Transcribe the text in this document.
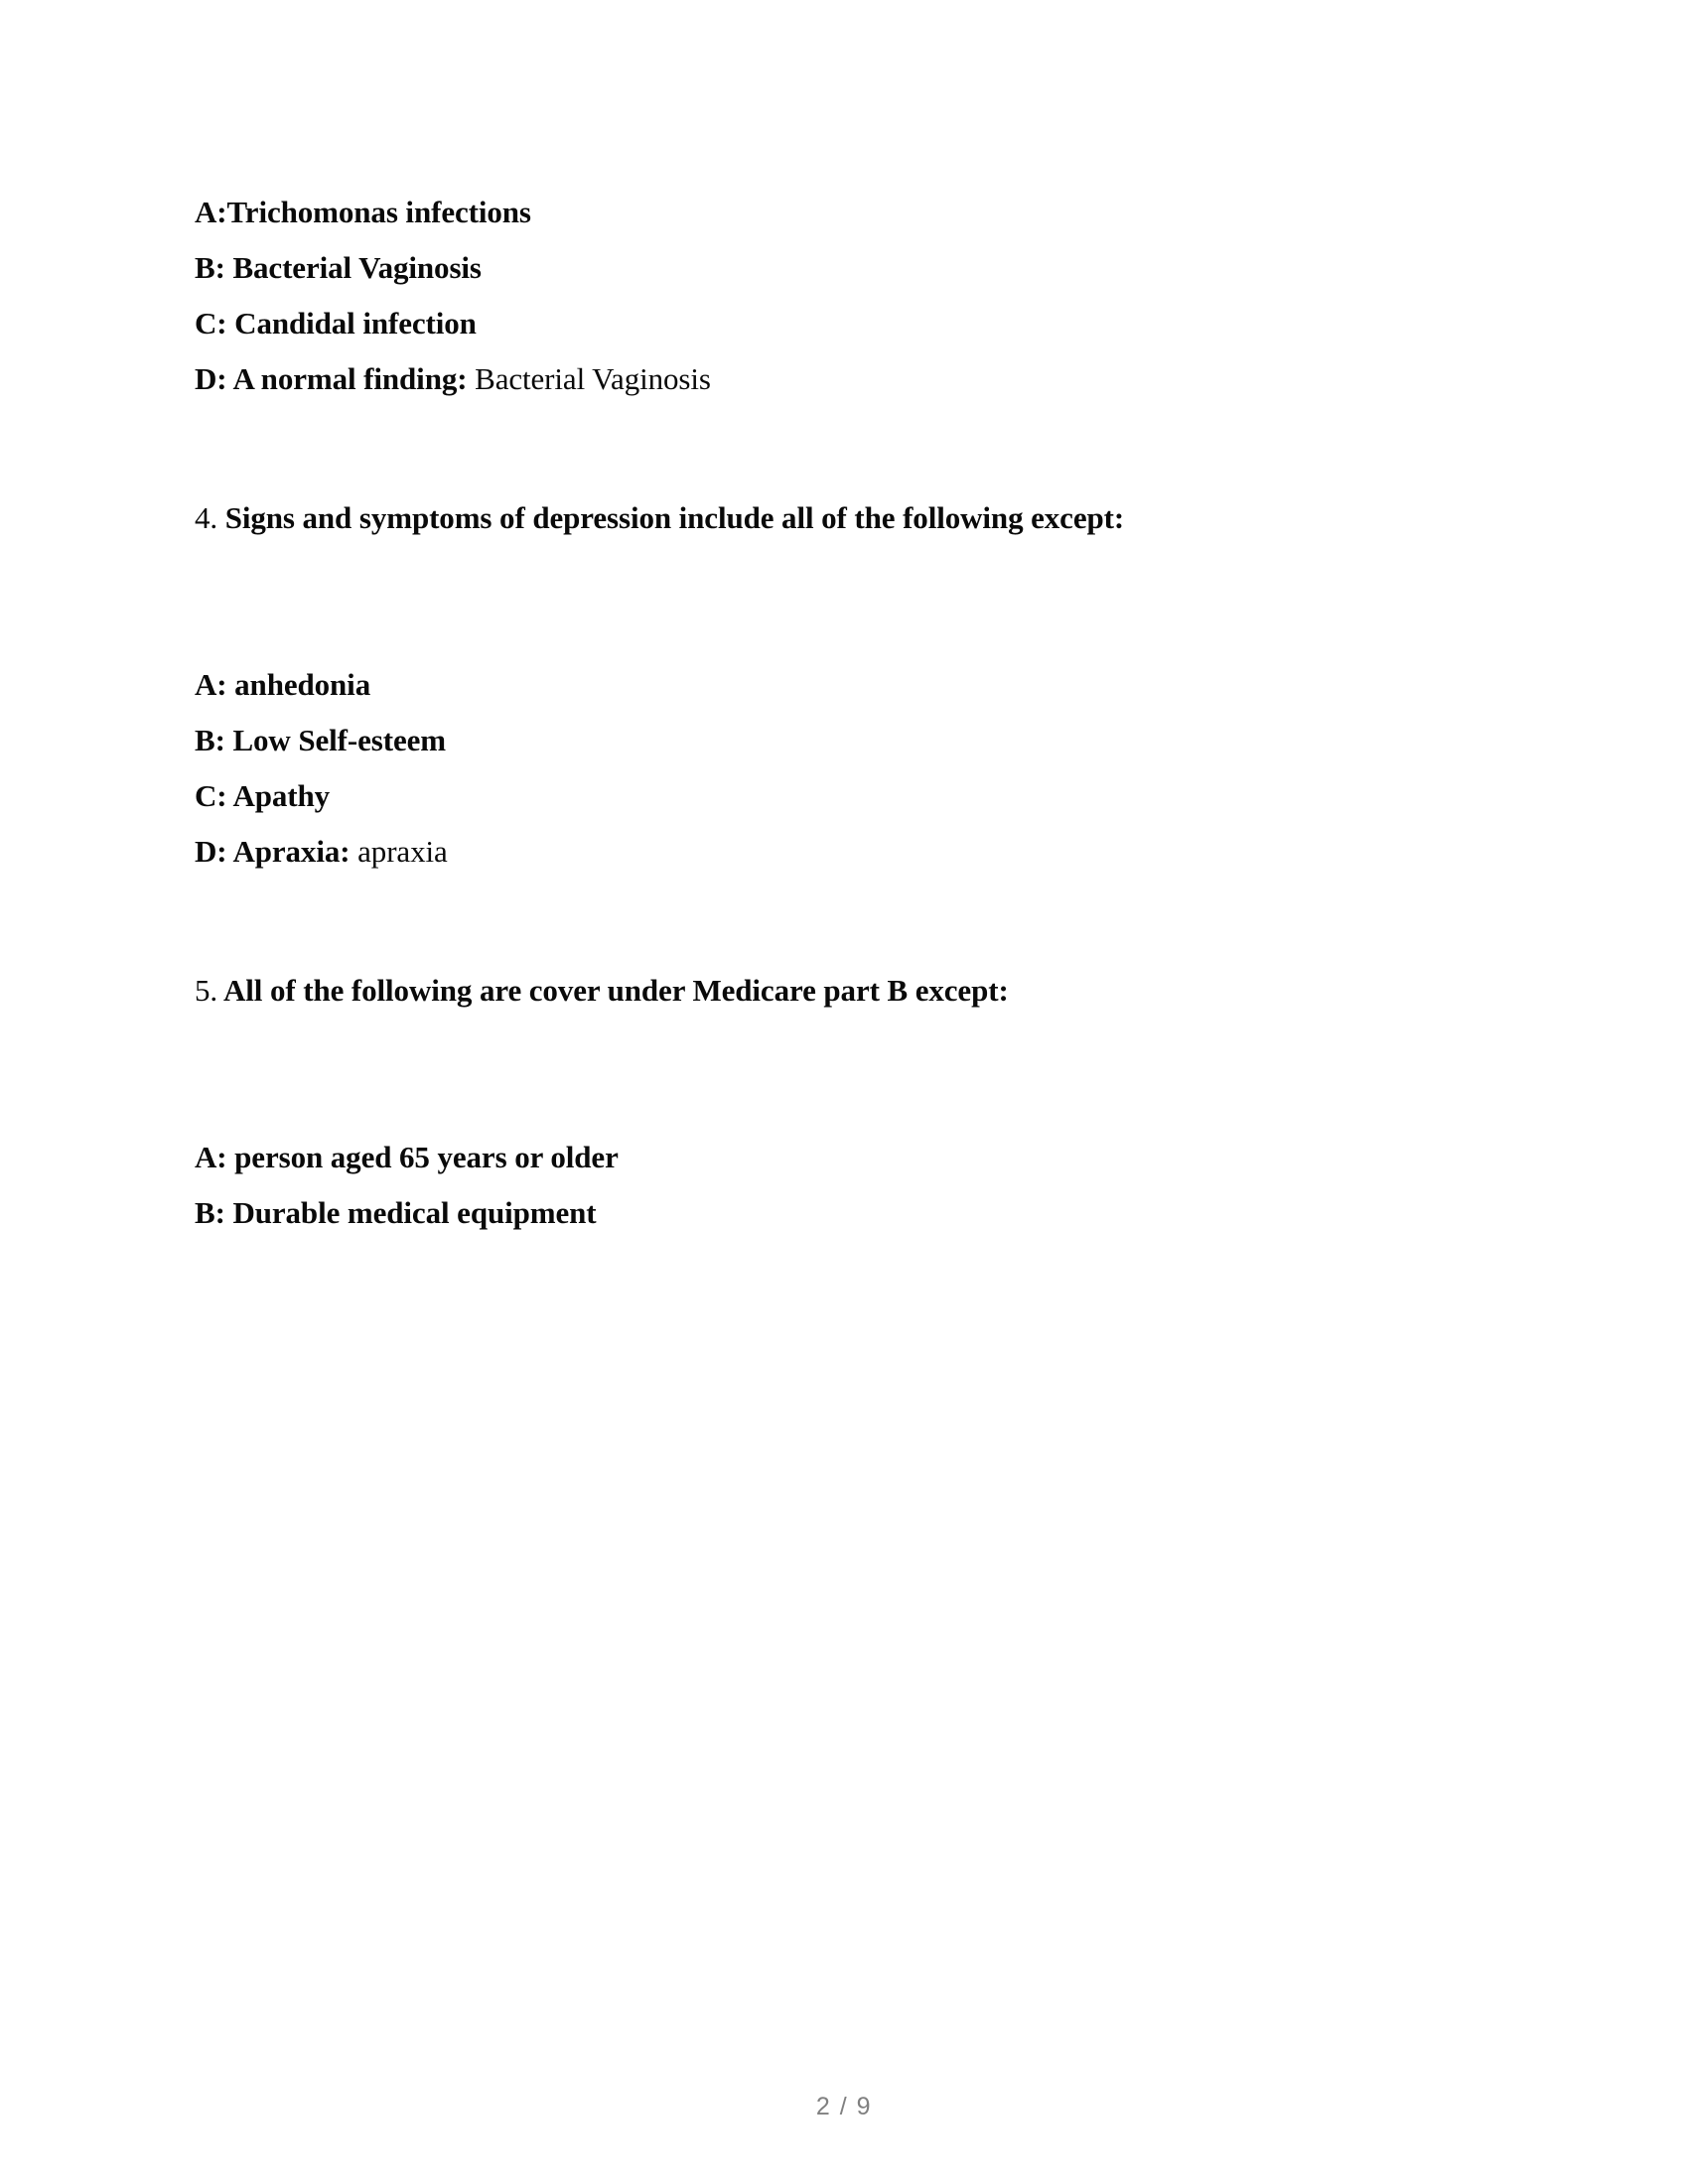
A:Trichomonas infections
B: Bacterial Vaginosis
C: Candidal infection
D: A normal finding: Bacterial Vaginosis
4. Signs and symptoms of depression include all of the following except:
A: anhedonia
B: Low Self-esteem
C: Apathy
D: Apraxia: apraxia
5. All of the following are cover under Medicare part B except:
A: person aged 65 years or older
B: Durable medical equipment
2 / 9
